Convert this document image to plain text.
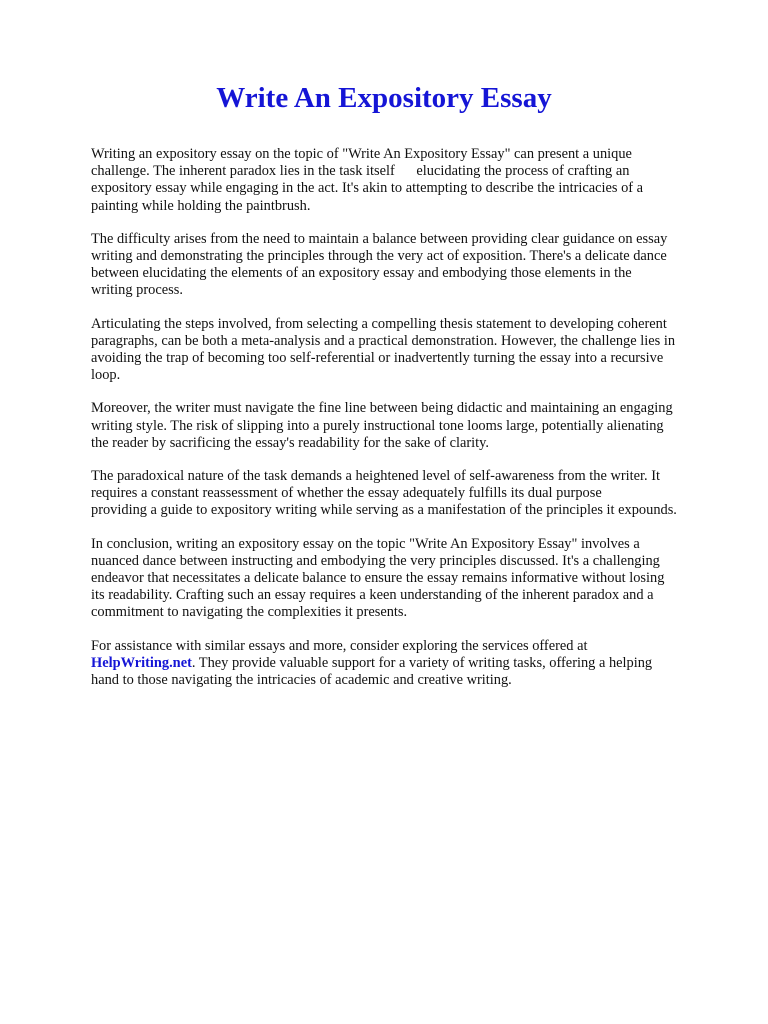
Write An Expository Essay

Writing an expository essay on the topic of "Write An Expository Essay" can present a unique
challenge. The inherent paradox lies in the task itself      elucidating the process of crafting an
expository essay while engaging in the act. It's akin to attempting to describe the intricacies of a
painting while holding the paintbrush.

The difficulty arises from the need to maintain a balance between providing clear guidance on essay
writing and demonstrating the principles through the very act of exposition. There's a delicate dance
between elucidating the elements of an expository essay and embodying those elements in the
writing process.

Articulating the steps involved, from selecting a compelling thesis statement to developing coherent
paragraphs, can be both a meta-analysis and a practical demonstration. However, the challenge lies in
avoiding the trap of becoming too self-referential or inadvertently turning the essay into a recursive
loop.

Moreover, the writer must navigate the fine line between being didactic and maintaining an engaging
writing style. The risk of slipping into a purely instructional tone looms large, potentially alienating
the reader by sacrificing the essay's readability for the sake of clarity.

The paradoxical nature of the task demands a heightened level of self-awareness from the writer. It
requires a constant reassessment of whether the essay adequately fulfills its dual purpose
providing a guide to expository writing while serving as a manifestation of the principles it expounds.

In conclusion, writing an expository essay on the topic "Write An Expository Essay" involves a
nuanced dance between instructing and embodying the very principles discussed. It's a challenging
endeavor that necessitates a delicate balance to ensure the essay remains informative without losing
its readability. Crafting such an essay requires a keen understanding of the inherent paradox and a
commitment to navigating the complexities it presents.

For assistance with similar essays and more, consider exploring the services offered at
HelpWriting.net. They provide valuable support for a variety of writing tasks, offering a helping
hand to those navigating the intricacies of academic and creative writing.
